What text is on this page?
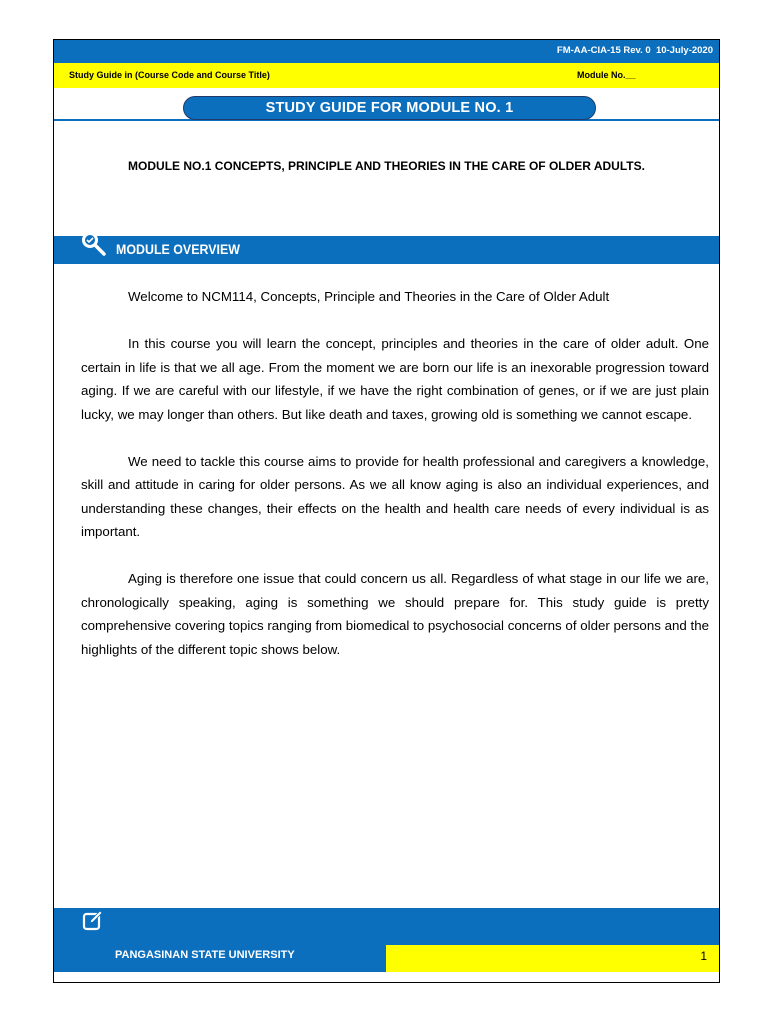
FM-AA-CIA-15 Rev. 0  10-July-2020
Study Guide in (Course Code and Course Title)	Module No.__
STUDY GUIDE FOR MODULE NO. 1
MODULE NO.1 CONCEPTS, PRINCIPLE AND THEORIES IN THE CARE OF OLDER ADULTS.
MODULE OVERVIEW

Welcome to NCM114, Concepts, Principle and Theories in the Care of Older Adult

In this course you will learn the concept, principles and theories in the care of older adult. One certain in life is that we all age. From the moment we are born our life is an inexorable progression toward aging. If we are careful with our lifestyle, if we have the right combination of genes, or if we are just plain lucky, we may longer than others. But like death and taxes, growing old is something we cannot escape.

We need to tackle this course aims to provide for health professional and caregivers a knowledge, skill and attitude in caring for older persons. As we all know aging is also an individual experiences, and understanding these changes, their effects on the health and health care needs of every individual is as important.

Aging is therefore one issue that could concern us all. Regardless of what stage in our life we are, chronologically speaking, aging is something we should prepare for. This study guide is pretty comprehensive covering topics ranging from biomedical to psychosocial concerns of older persons and the highlights of the different topic shows below.

PANGASINAN STATE UNIVERSITY	1
